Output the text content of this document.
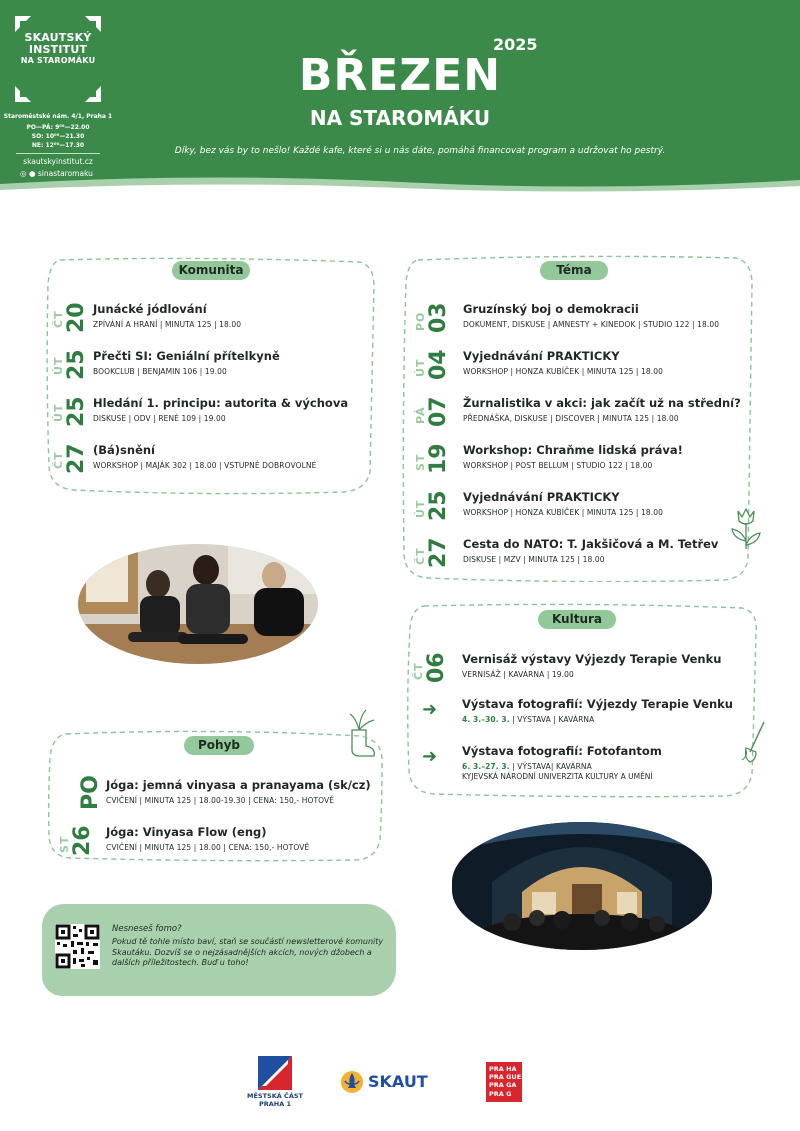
SKAUTSKÝ
INSTITUT

NA STAROMÁKU
Staroměstské nám. 4/1, Praha 1
PO—PÁ: 9⁰⁰—22.00
SO: 10⁰⁰—21.30
NE: 12⁰⁰—17.30
skautskyinstitut.cz
◎ ● sinastaromaku
2025
BŘEZEN
NA STAROMÁKU
Díky, bez vás by to nešlo! Každé kafe, které si u nás dáte, pomáhá financovat program a udržovat ho pestrý.
Komunita
ČT 20 Junácké jódlování
ZPÍVÁNÍ A HRANÍ | MINUTA 125 | 18.00
ÚT 25 Přečti SI: Geniální přítelkyně
BOOKCLUB | BENJAMIN 106 | 19.00
ÚT 25 Hledání 1. principu: autorita & výchova
DISKUSE | ODV | RENÉ 109 | 19.00
ČT 27 (Bá)snění
WORKSHOP | MAJÁK 302 | 18.00 | VSTUPNÉ DOBROVOLNÉ
Téma
PO 03 Gruzínský boj o demokracii
DOKUMENT, DISKUSE | AMNESTY + KINEDOK | STUDIO 122 | 18.00
ÚT 04 Vyjednávání PRAKTICKY
WORKSHOP | HONZA KUBÍČEK | MINUTA 125 | 18.00
PÁ 07 Žurnalistika v akci: jak začít už na střední?
PŘEDNÁŠKA, DISKUSE | DISCOVER | MINUTA 125 | 18.00
ST 19 Workshop: Chraňme lidská práva!
WORKSHOP | POST BELLUM | STUDIO 122 | 18.00
ÚT 25 Vyjednávání PRAKTICKY
WORKSHOP | HONZA KUBÍČEK | MINUTA 125 | 18.00
ČT 27 Cesta do NATO: T. Jakšičová a M. Tetřev
DISKUSE | MZV | MINUTA 125 | 18.00
Kultura
ČT 06 Vernisáž výstavy Výjezdy Terapie Venku
VERNISÁŽ | KAVÁRNA | 19.00
➜ Výstava fotografií: Výjezdy Terapie Venku
4. 3.–30. 3. | VÝSTAVA | KAVÁRNA
➜ Výstava fotografií: Fotofantom
6. 3.–27. 3. | VÝSTAVA| KAVÁRNA
KYJEVSKÁ NÁRODNÍ UNIVERZITA KULTURY A UMĚNÍ
Pohyb
PO Jóga: jemná vinyasa a pranayama (sk/cz)
CVIČENÍ | MINUTA 125 | 18.00-19.30 | CENA: 150,- HOTOVĚ
ST 26 Jóga: Vinyasa Flow (eng)
CVIČENÍ | MINUTA 125 | 18.00 | CENA: 150,- HOTOVĚ
Nesneseš fomo?
Pokud tě tohle místo baví, staň se součástí newsletterové komunity Skautáku. Dozvíš se o nejzásadnějších akcích, nových džobech a dalších příležitostech. Buď u toho!
MĚSTSKÁ ČÁST
PRAHA 1
SKAUT
PRA HA
PRA GUE
PRA GA
PRA G
